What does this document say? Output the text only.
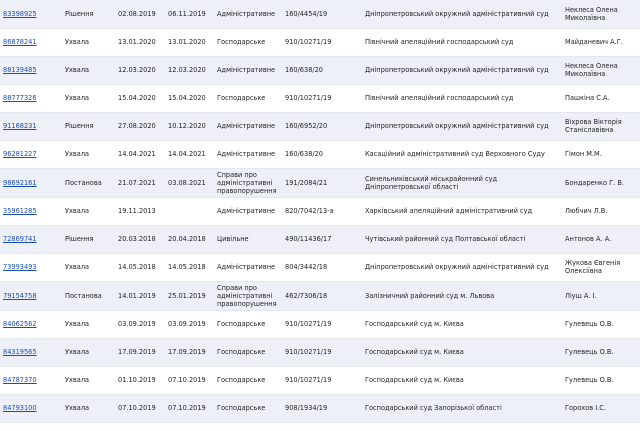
83398925	Рішення	02.08.2019	06.11.2019	Адміністративне	160/4454/19	Дніпропетровський окружний адміністративний суд	Неклеса Олена Миколаївна
86878241	Ухвала	13.01.2020	13.01.2020	Господарське	910/10271/19	Північний апеляційний господарський суд	Майданевич А.Г.
88139485	Ухвала	12.03.2020	12.03.2020	Адміністративне	160/638/20	Дніпропетровський окружний адміністративний суд	Неклеса Олена Миколаївна
88777326	Ухвала	15.04.2020	15.04.2020	Господарське	910/10271/19	Північний апеляційний господарський суд	Пашкіна С.А.
91168231	Рішення	27.08.2020	10.12.2020	Адміністративне	160/6952/20	Дніпропетровський окружний адміністративний суд	Віхрова Вікторія Станіславівна
96281227	Ухвала	14.04.2021	14.04.2021	Адміністративне	160/638/20	Касаційний адміністративний суд Верховного Суду	Гімон М.М.
98692161	Постанова	21.07.2021	03.08.2021	Справи про адміністративні правопорушення	191/2084/21	Синельниківський міськрайонний суд Дніпропетровської області	Бондаренко Г. В.
35961285	Ухвала	19.11.2013		Адміністративне	820/7042/13-а	Харківський апеляційний адміністративний суд	Любчич Л.В.
72869741	Рішення	20.03.2018	20.04.2018	Цивільне	490/11436/17	Чутівський районний суд Полтавської області	Антонов А. А.
73993493	Ухвала	14.05.2018	14.05.2018	Адміністративне	804/3442/18	Дніпропетровський окружний адміністративний суд	Жукова Євгенія Олексіївна
79154758	Постанова	14.01.2019	25.01.2019	Справи про адміністративні правопорушення	462/7306/18	Залізничний районний суд м. Львова	Ліуш А. І.
84062562	Ухвала	03.09.2019	03.09.2019	Господарське	910/10271/19	Господарський суд м. Києва	Гулевець О.В.
84319565	Ухвала	17.09.2019	17.09.2019	Господарське	910/10271/19	Господарський суд м. Києва	Гулевець О.В.
84787370	Ухвала	01.10.2019	07.10.2019	Господарське	910/10271/19	Господарський суд м. Києва	Гулевець О.В.
84793100	Ухвала	07.10.2019	07.10.2019	Господарське	908/1934/19	Господарський суд Запорізької області	Горохов І.С.
